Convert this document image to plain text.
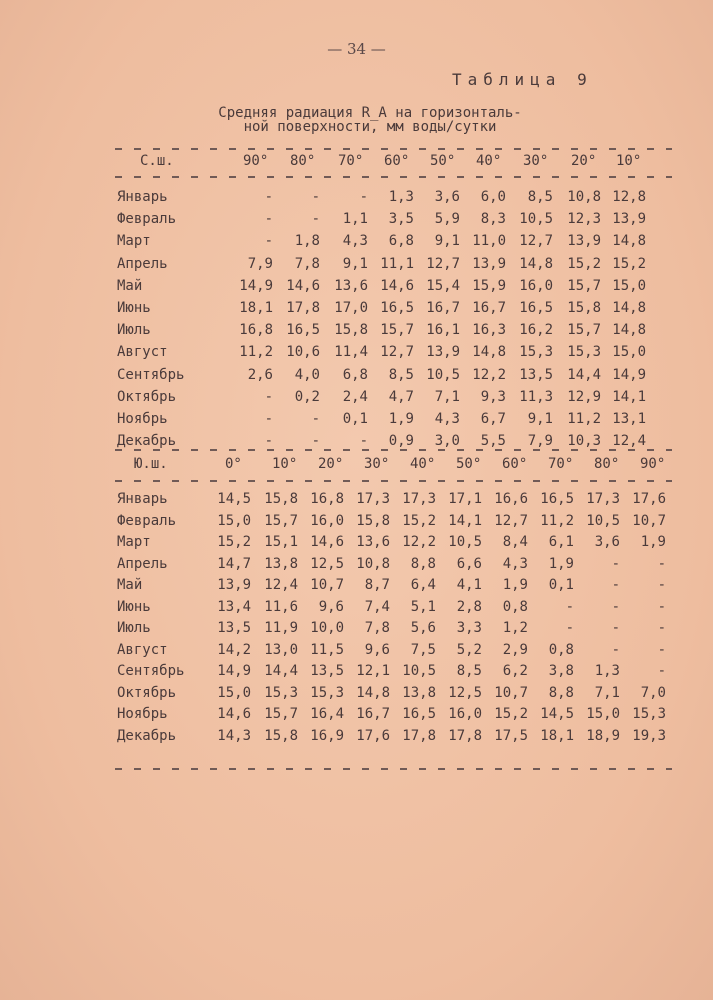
— 34 —
Таблица 9
Средняя радиация R_A на горизонталь-
ной поверхности, мм воды/сутки
С.ш.	90° 80° 70° 60° 50° 40° 30° 20° 10°
Январь	-	-	-	1,3	3,6	6,0	8,5	10,8 12,8
Февраль	-	-	1,1	3,5	5,9	8,3 10,5	12,3 13,9
Март	-	1,8	4,3	6,8	9,1 11,0 12,7	13,9 14,8
Апрель	7,9	7,8	9,1 11,1 12,7 13,9 14,8	15,2 15,2
Май	14,9 14,6	13,6 14,6 15,4 15,9 16,0	15,7 15,0
Июнь	18,1 17,8	17,0 16,5 16,7 16,7 16,5	15,8 14,8
Июль	16,8 16,5	15,8 15,7 16,1 16,3 16,2	15,7 14,8
Август	11,2 10,6	11,4 12,7 13,9 14,8 15,3	15,3 15,0
Сентябрь	2,6	4,0	6,8	8,5 10,5 12,2 13,5	14,4 14,9
Октябрь	-	0,2	2,4	4,7	7,1	9,3 11,3	12,9 14,1
Ноябрь	-	-	0,1	1,9	4,3	6,7	9,1	11,2 13,1
Декабрь	-	-	-	0,9	3,0	5,5	7,9	10,3 12,4
Ю.ш.	0° 10° 20° 30° 40° 50° 60° 70° 80° 90°
Январь	14,5 15,8 16,8 17,3 17,3 17,1 16,6 16,5 17,3 17,6
Февраль	15,0 15,7 16,0 15,8 15,2 14,1 12,7 11,2 10,5 10,7
Март	15,2 15,1 14,6 13,6 12,2 10,5	8,4	6,1	3,6	1,9
Апрель	14,7 13,8 12,5 10,8	8,8	6,6	4,3	1,9	-	-
Май	13,9 12,4 10,7	8,7	6,4	4,1	1,9	0,1	-	-
Июнь	13,4 11,6	9,6	7,4	5,1	2,8	0,8	-	-	-
Июль	13,5 11,9 10,0	7,8	5,6	3,3	1,2	-	-	-
Август	14,2 13,0 11,5	9,6	7,5	5,2	2,9	0,8	-	-
Сентябрь	14,9 14,4 13,5 12,1 10,5	8,5	6,2	3,8	1,3	-
Октябрь	15,0 15,3 15,3 14,8 13,8 12,5 10,7	8,8	7,1	7,0
Ноябрь	14,6 15,7 16,4 16,7 16,5 16,0 15,2 14,5 15,0 15,3
Декабрь	14,3 15,8 16,9 17,6 17,8 17,8 17,5 18,1 18,9 19,3
